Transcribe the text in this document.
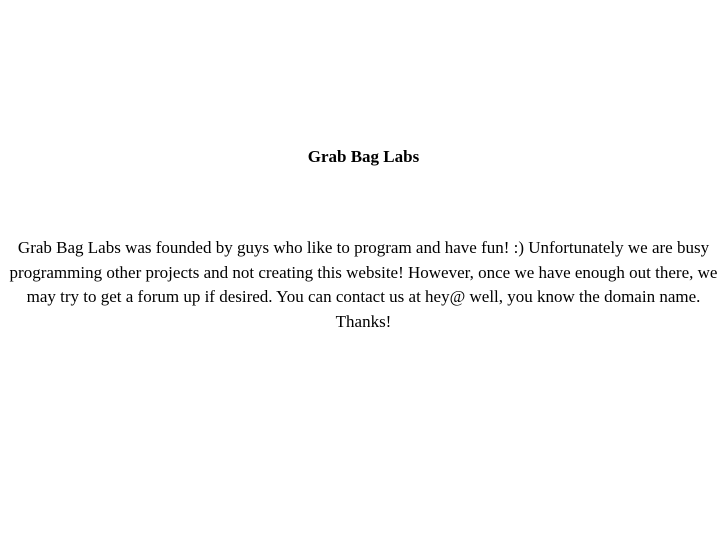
Grab Bag Labs

Grab Bag Labs was founded by guys who like to program and have fun! :) Unfortunately we are busy programming other projects and not creating this website! However, once we have enough out there, we may try to get a forum up if desired. You can contact us at hey@ well, you know the domain name. Thanks!
